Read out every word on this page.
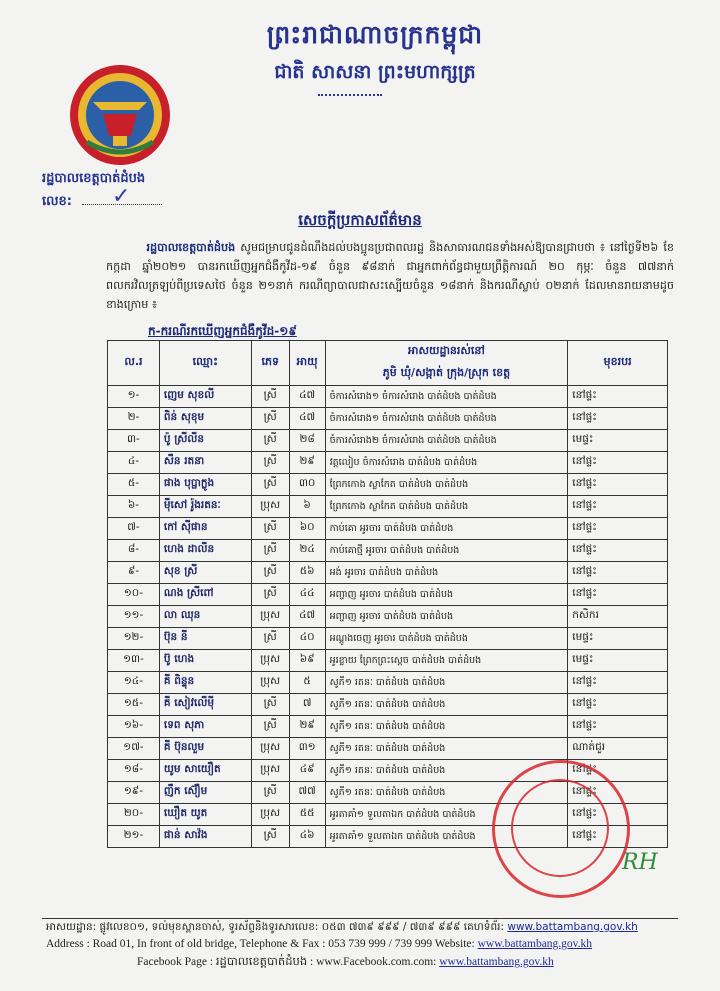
ព្រះរាជាណាចក្រកម្ពុជា
ជាតិ សាសនា ព្រះមហាក្សត្រ
រដ្ឋបាលខេត្តបាត់ដំបង
លេខ: ✓
សេចក្តីប្រកាសព័ត៌មាន
រដ្ឋបាលខេត្តបាត់ដំបង សូមជម្រាបជូនដំណឹងដល់បងប្អូនប្រជាពលរដ្ឋ និងសាធារណជនទាំងអស់ឱ្យបានជ្រាបថា ៖ នៅថ្ងៃទី២៦ ខែកក្កដា ឆ្នាំ២០២១ បានរកឃើញអ្នកជំងឺកូវីដ-១៩ ចំនួន ៩៨នាក់ ជាអ្នកពាក់ព័ន្ធជាមួយព្រឹត្តិការណ៍ ២០ កុម្ភៈ ចំនួន ៧៧នាក់ ពលករវិលត្រឡប់ពីប្រទេសថៃ ចំនួន ២១នាក់ ករណីព្យាបាលជាសះស្បើយចំនួន ១៨នាក់ និងករណីស្លាប់ ០២នាក់ ដែលមានរាយនាមដូចខាងក្រោម ៖
ក-ករណីរកឃើញអ្នកជំងឺកូវីដ-១៩
ល.រ	ឈ្មោះ	ភេទ	អាយុ	អាសយដ្ឋានរស់នៅ	មុខរបរ
				ភូមិ ឃុំ/សង្កាត់ ក្រុង/ស្រុក ខេត្ត	
១-	ញេម សុខលី	ស្រី	៤៧	ចំការសំរោង១ ចំការសំរោង បាត់ដំបង បាត់ដំបង	នៅផ្ទះ
២-	ពិន់ សុខុម	ស្រី	៤៧	ចំការសំរោង១ ចំការសំរោង បាត់ដំបង បាត់ដំបង	នៅផ្ទះ
៣-	ប៉ូ ស្រីលីន	ស្រី	២៨	ចំការសំរោង២ ចំការសំរោង បាត់ដំបង បាត់ដំបង	មេផ្ទះ
៤-	សឹន រតនា	ស្រី	២៩	វត្តលៀប ចំការសំរោង បាត់ដំបង បាត់ដំបង	នៅផ្ទះ
៥-	ផាង បុប្ផាក្លូង	ស្រី	៣០	ព្រែកកោង ស្លាកែត បាត់ដំបង បាត់ដំបង	នៅផ្ទះ
៦-	ម៉ីសៅ រ៉ូងរតនៈ	ប្រុស	៦	ព្រែកកោង ស្លាកែត បាត់ដំបង បាត់ដំបង	នៅផ្ទះ
៧-	កៅ ស៊ីផាន	ស្រី	៦០	កាប់គោ អូរចារ បាត់ដំបង បាត់ដំបង	នៅផ្ទះ
៨-	ហេង ដាលីន	ស្រី	២៤	កាប់គោថ្មី អូរចារ បាត់ដំបង បាត់ដំបង	នៅផ្ទះ
៩-	សុខ ស្រី	ស្រី	៥៦	អង់ អូរចារ បាត់ដំបង បាត់ដំបង	នៅផ្ទះ
១០-	ណង ស្រីពៅ	ស្រី	៤៤	អញ្ចាញ អូរចារ បាត់ដំបង បាត់ដំបង	នៅផ្ទះ
១១-	លា ឈុន	ប្រុស	៤៧	អញ្ចាញ អូរចារ បាត់ដំបង បាត់ដំបង	កសិករ
១២-	ប៊ុន នី	ស្រី	៤០	អណ្តូងចេញ អូរចារ បាត់ដំបង បាត់ដំបង	មេផ្ទះ
១៣-	ប៊ូ ហេង	ប្រុស	៦៩	អូរខ្លាយ ព្រែកព្រះស្តេច បាត់ដំបង បាត់ដំបង	មេផ្ទះ
១៤-	គី ពិន្ទុន	ប្រុស	៥	សូភី១ រតនៈ បាត់ដំបង បាត់ដំបង	នៅផ្ទះ
១៥-	គី សៀវលើមុី	ស្រី	៧	សូភី១ រតនៈ បាត់ដំបង បាត់ដំបង	នៅផ្ទះ
១៦-	ទេព សុភា	ស្រី	២៩	សូភី១ រតនៈ បាត់ដំបង បាត់ដំបង	នៅផ្ទះ
១៧-	គី ប៊ុនលួម	ប្រុស	៣១	សូភី១ រតនៈ បាត់ដំបង បាត់ដំបង	ណាត់ជួរ
១៨-	យូម សាយឿត	ប្រុស	៤៩	សូភី១ រតនៈ បាត់ដំបង បាត់ដំបង	នៅផ្ទះ
១៩-	ញឹក ស៊ឿម	ស្រី	៧៧	សូភី១ រតនៈ បាត់ដំបង បាត់ដំបង	នៅផ្ទះ
២០-	ឃឿត យូត	ប្រុស	៥៥	អូរតាគាំ១ ទួលតាឯក បាត់ដំបង បាត់ដំបង	នៅផ្ទះ
២១-	ផាន់ សាវ៉ង	ស្រី	៤៦	អូរតាគាំ១ ទួលតាឯក បាត់ដំបង បាត់ដំបង	នៅផ្ទះ
RH
អាសយដ្ឋាន: ផ្លូវលេខ០១, ទល់មុខស្ពានចាស់, ទូរស័ព្ទនិងទូរសារលេខ: ០៥៣ ៧៣៩ ៩៩៩ / ៧៣៩ ៩៩៩ គេហទំព័រ: www.battambang.gov.kh
Address : Road 01, In front of old bridge, Telephone & Fax : 053 739 999 / 739 999 Website: www.battambang.gov.kh
Facebook Page : រដ្ឋបាលខេត្តបាត់ដំបង : www.Facebook.com.com: www.battambang.gov.kh
